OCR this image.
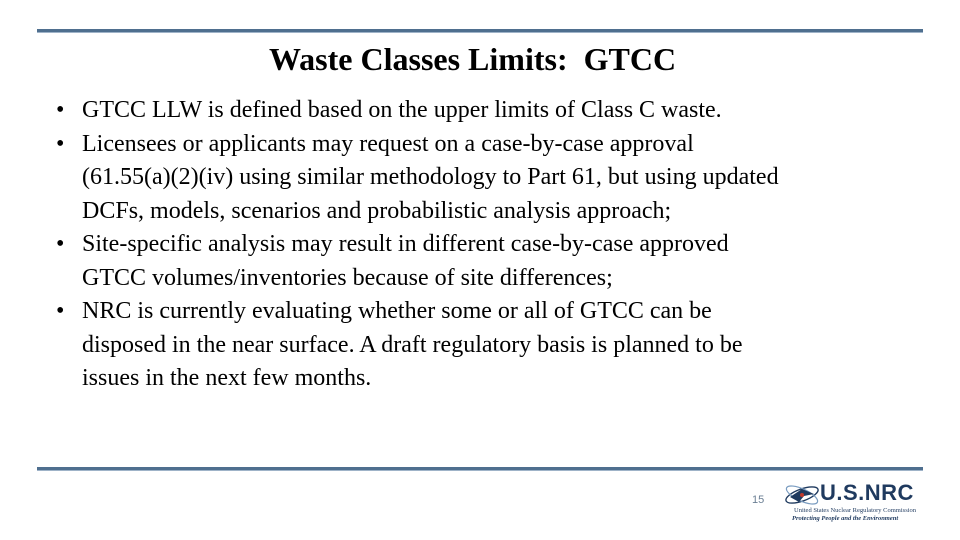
Waste Classes Limits:  GTCC
• GTCC LLW is defined based on the upper limits of Class C waste.
• Licensees or applicants may request on a case-by-case approval
(61.55(a)(2)(iv) using similar methodology to Part 61, but using updated
DCFs, models, scenarios and probabilistic analysis approach;
• Site-specific analysis may result in different case-by-case approved
GTCC volumes/inventories because of site differences;
• NRC is currently evaluating whether some or all of GTCC can be
disposed in the near surface. A draft regulatory basis is planned to be
issues in the next few months.
15	U.S.NRC
United States Nuclear Regulatory Commission
Protecting People and the Environment
